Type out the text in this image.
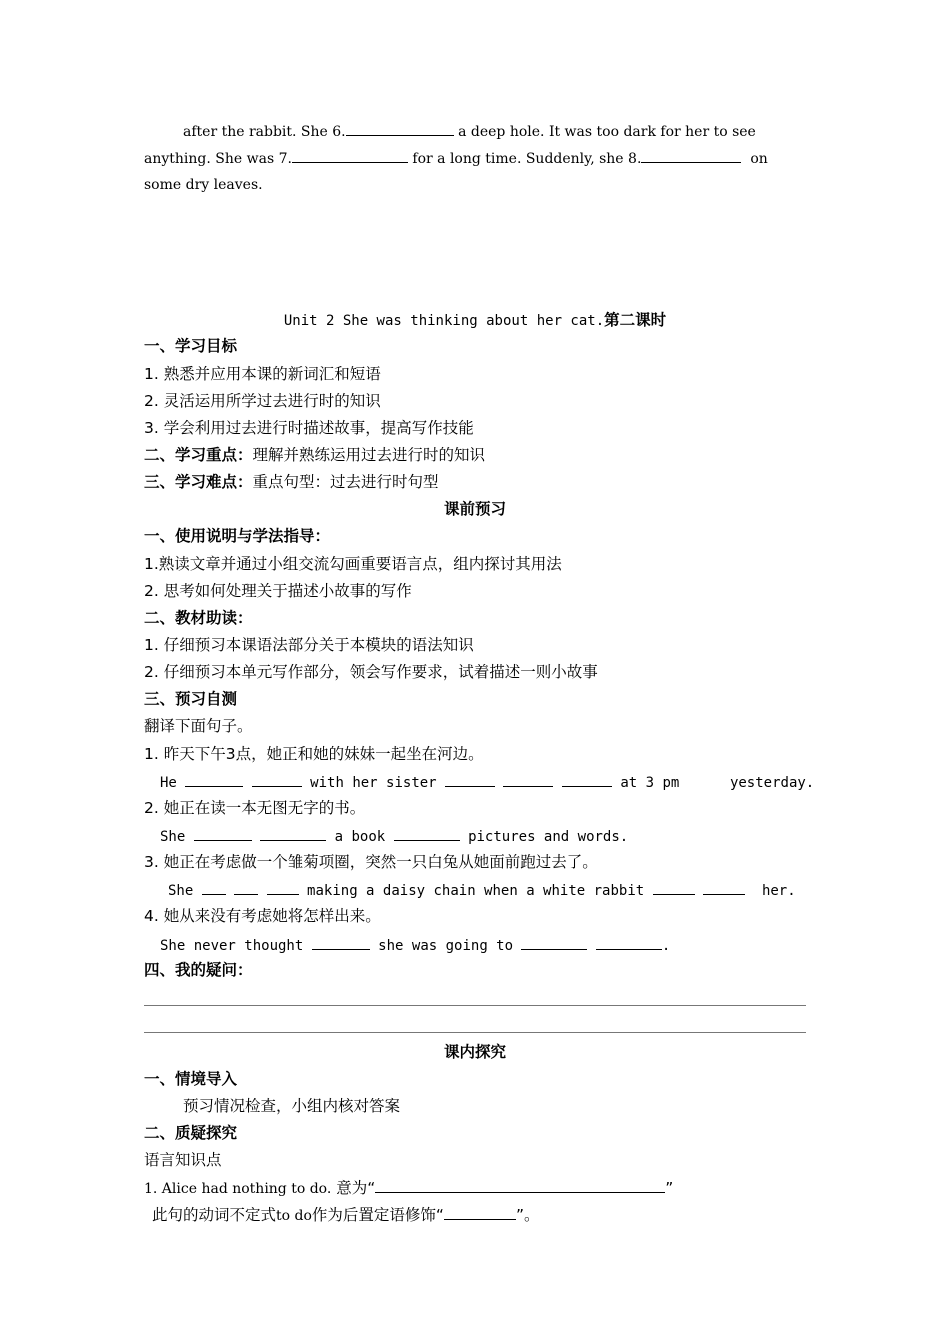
after the rabbit. She 6.	a deep hole. It was too dark for her to see
anything. She was 7.	for a long time. Suddenly, she 8.	on
some dry leaves.
Unit 2 She was thinking about her cat.第二课时
一、学习目标
1. 熟悉并应用本课的新词汇和短语
2. 灵活运用所学过去进行时的知识
3. 学会利用过去进行时描述故事，提高写作技能
二、学习重点：理解并熟练运用过去进行时的知识
三、学习难点：重点句型：过去进行时句型
课前预习
一、使用说明与学法指导：
1.熟读文章并通过小组交流勾画重要语言点，组内探讨其用法
2. 思考如何处理关于描述小故事的写作
二、教材助读：
1. 仔细预习本课语法部分关于本模块的语法知识
2. 仔细预习本单元写作部分，领会写作要求，试着描述一则小故事
三、预习自测
翻译下面句子。
1. 昨天下午3点，她正和她的妹妹一起坐在河边。
He	with her sister	at 3 pm	yesterday.
2. 她正在读一本无图无字的书。
She	a book	pictures and words.
3. 她正在考虑做一个雏菊项圈，突然一只白兔从她面前跑过去了。
She	making a daisy chain when a white rabbit	her.
4. 她从来没有考虑她将怎样出来。
She never thought	she was going to	.
四、我的疑问：
课内探究
一、情境导入
预习情况检查，小组内核对答案
二、质疑探究
语言知识点
1. Alice had nothing to do. 意为“	”
此句的动词不定式to do作为后置定语修饰“	”。
